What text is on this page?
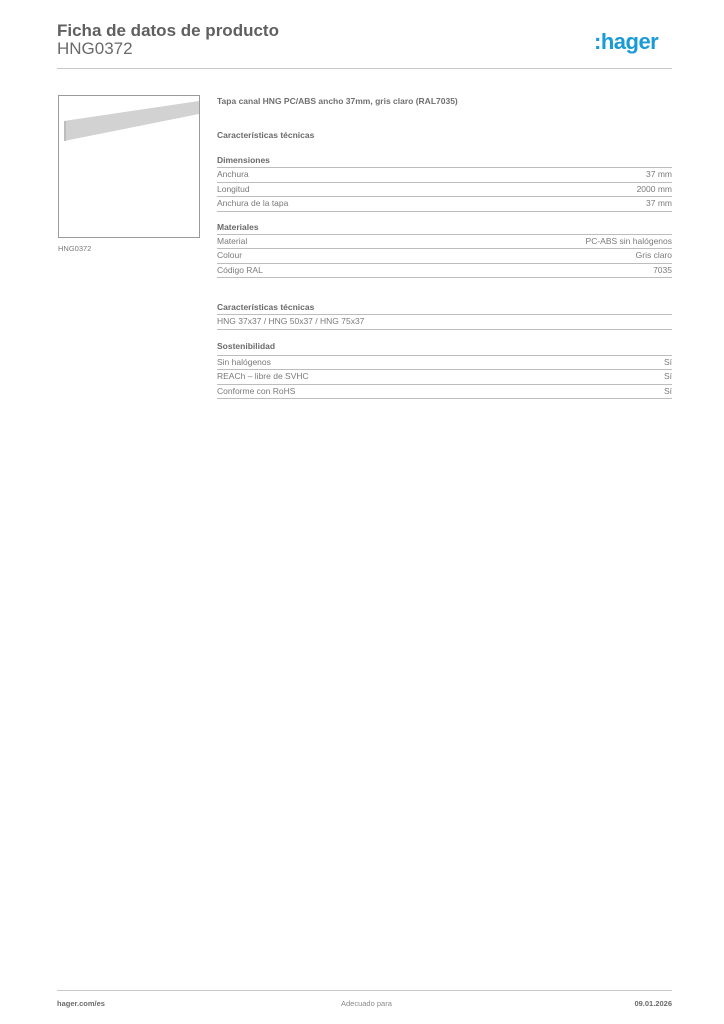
Ficha de datos de producto
HNG0372	:hager
HNG0372
Tapa canal HNG PC/ABS ancho 37mm, gris claro (RAL7035)
Características técnicas
Dimensiones
Anchura	37 mm
Longitud	2000 mm
Anchura de la tapa	37 mm
Materiales
Material	PC-ABS sin halógenos
Colour	Gris claro
Código RAL	7035
Características técnicas
HNG 37x37 / HNG 50x37 / HNG 75x37
Sostenibilidad
Sin halógenos	Sí
REACh – libre de SVHC	Sí
Conforme con RoHS	Sí
hager.com/es	Adecuado para	09.01.2026
